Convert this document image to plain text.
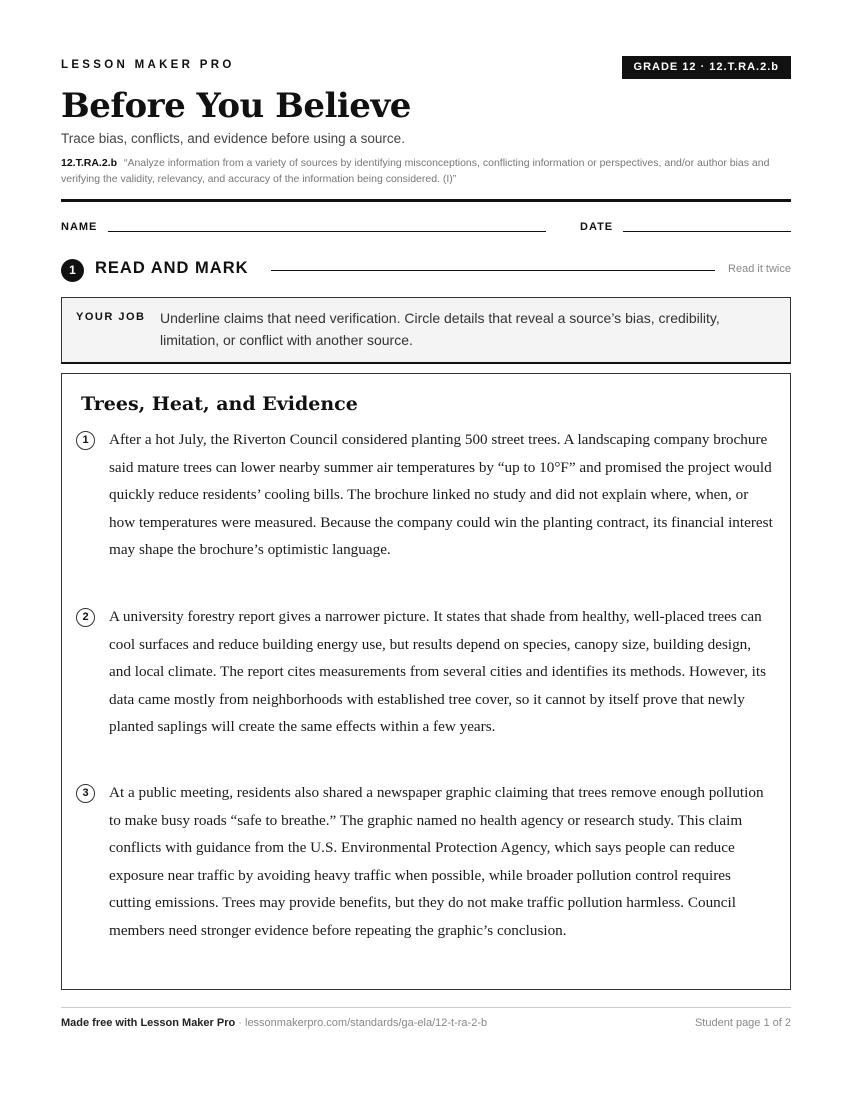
LESSON MAKER PRO	GRADE 12 · 12.T.RA.2.b
Before You Believe
Trace bias, conflicts, and evidence before using a source.
12.T.RA.2.b “Analyze information from a variety of sources by identifying misconceptions, conflicting information or perspectives, and/or author bias and verifying the validity, relevancy, and accuracy of the information being considered. (I)”
NAME	DATE
1	READ AND MARK	Read it twice
YOUR JOB Underline claims that need verification. Circle details that reveal a source’s bias, credibility, limitation, or conflict with another source.
Trees, Heat, and Evidence
1	After a hot July, the Riverton Council considered planting 500 street trees. A landscaping company brochure said mature trees can lower nearby summer air temperatures by “up to 10°F” and promised the project would quickly reduce residents’ cooling bills. The brochure linked no study and did not explain where, when, or how temperatures were measured. Because the company could win the planting contract, its financial interest may shape the brochure’s optimistic language.

2	A university forestry report gives a narrower picture. It states that shade from healthy, well-placed trees can cool surfaces and reduce building energy use, but results depend on species, canopy size, building design, and local climate. The report cites measurements from several cities and identifies its methods. However, its data came mostly from neighborhoods with established tree cover, so it cannot by itself prove that newly planted saplings will create the same effects within a few years.

3	At a public meeting, residents also shared a newspaper graphic claiming that trees remove enough pollution to make busy roads “safe to breathe.” The graphic named no health agency or research study. This claim conflicts with guidance from the U.S. Environmental Protection Agency, which says people can reduce exposure near traffic by avoiding heavy traffic when possible, while broader pollution control requires cutting emissions. Trees may provide benefits, but they do not make traffic pollution harmless. Council members need stronger evidence before repeating the graphic’s conclusion.

Made free with Lesson Maker Pro · lessonmakerpro.com/standards/ga-ela/12-t-ra-2-b	Student page 1 of 2
